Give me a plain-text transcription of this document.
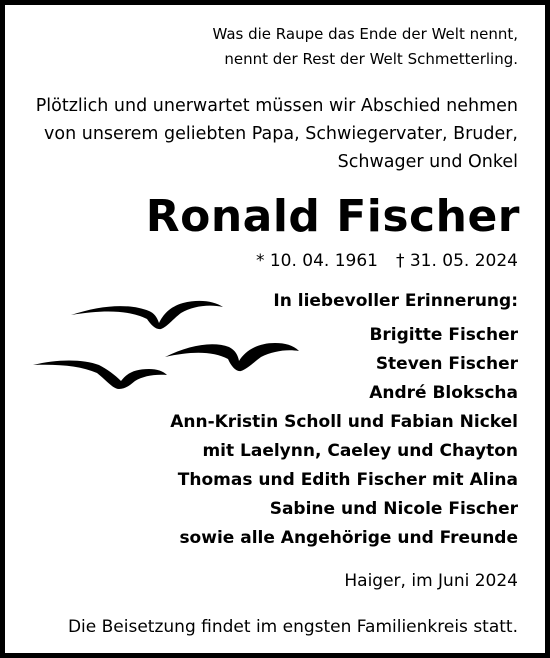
Was die Raupe das Ende der Welt nennt,
nennt der Rest der Welt Schmetterling.
Plötzlich und unerwartet müssen wir Abschied nehmen
von unserem geliebten Papa, Schwiegervater, Bruder,
Schwager und Onkel
Ronald Fischer
* 10. 04. 1961 † 31. 05. 2024
In liebevoller Erinnerung:
Brigitte Fischer
Steven Fischer
André Blokscha
Ann-Kristin Scholl und Fabian Nickel
mit Laelynn, Caeley und Chayton
Thomas und Edith Fischer mit Alina
Sabine und Nicole Fischer
sowie alle Angehörige und Freunde
Haiger, im Juni 2024
Die Beisetzung findet im engsten Familienkreis statt.
